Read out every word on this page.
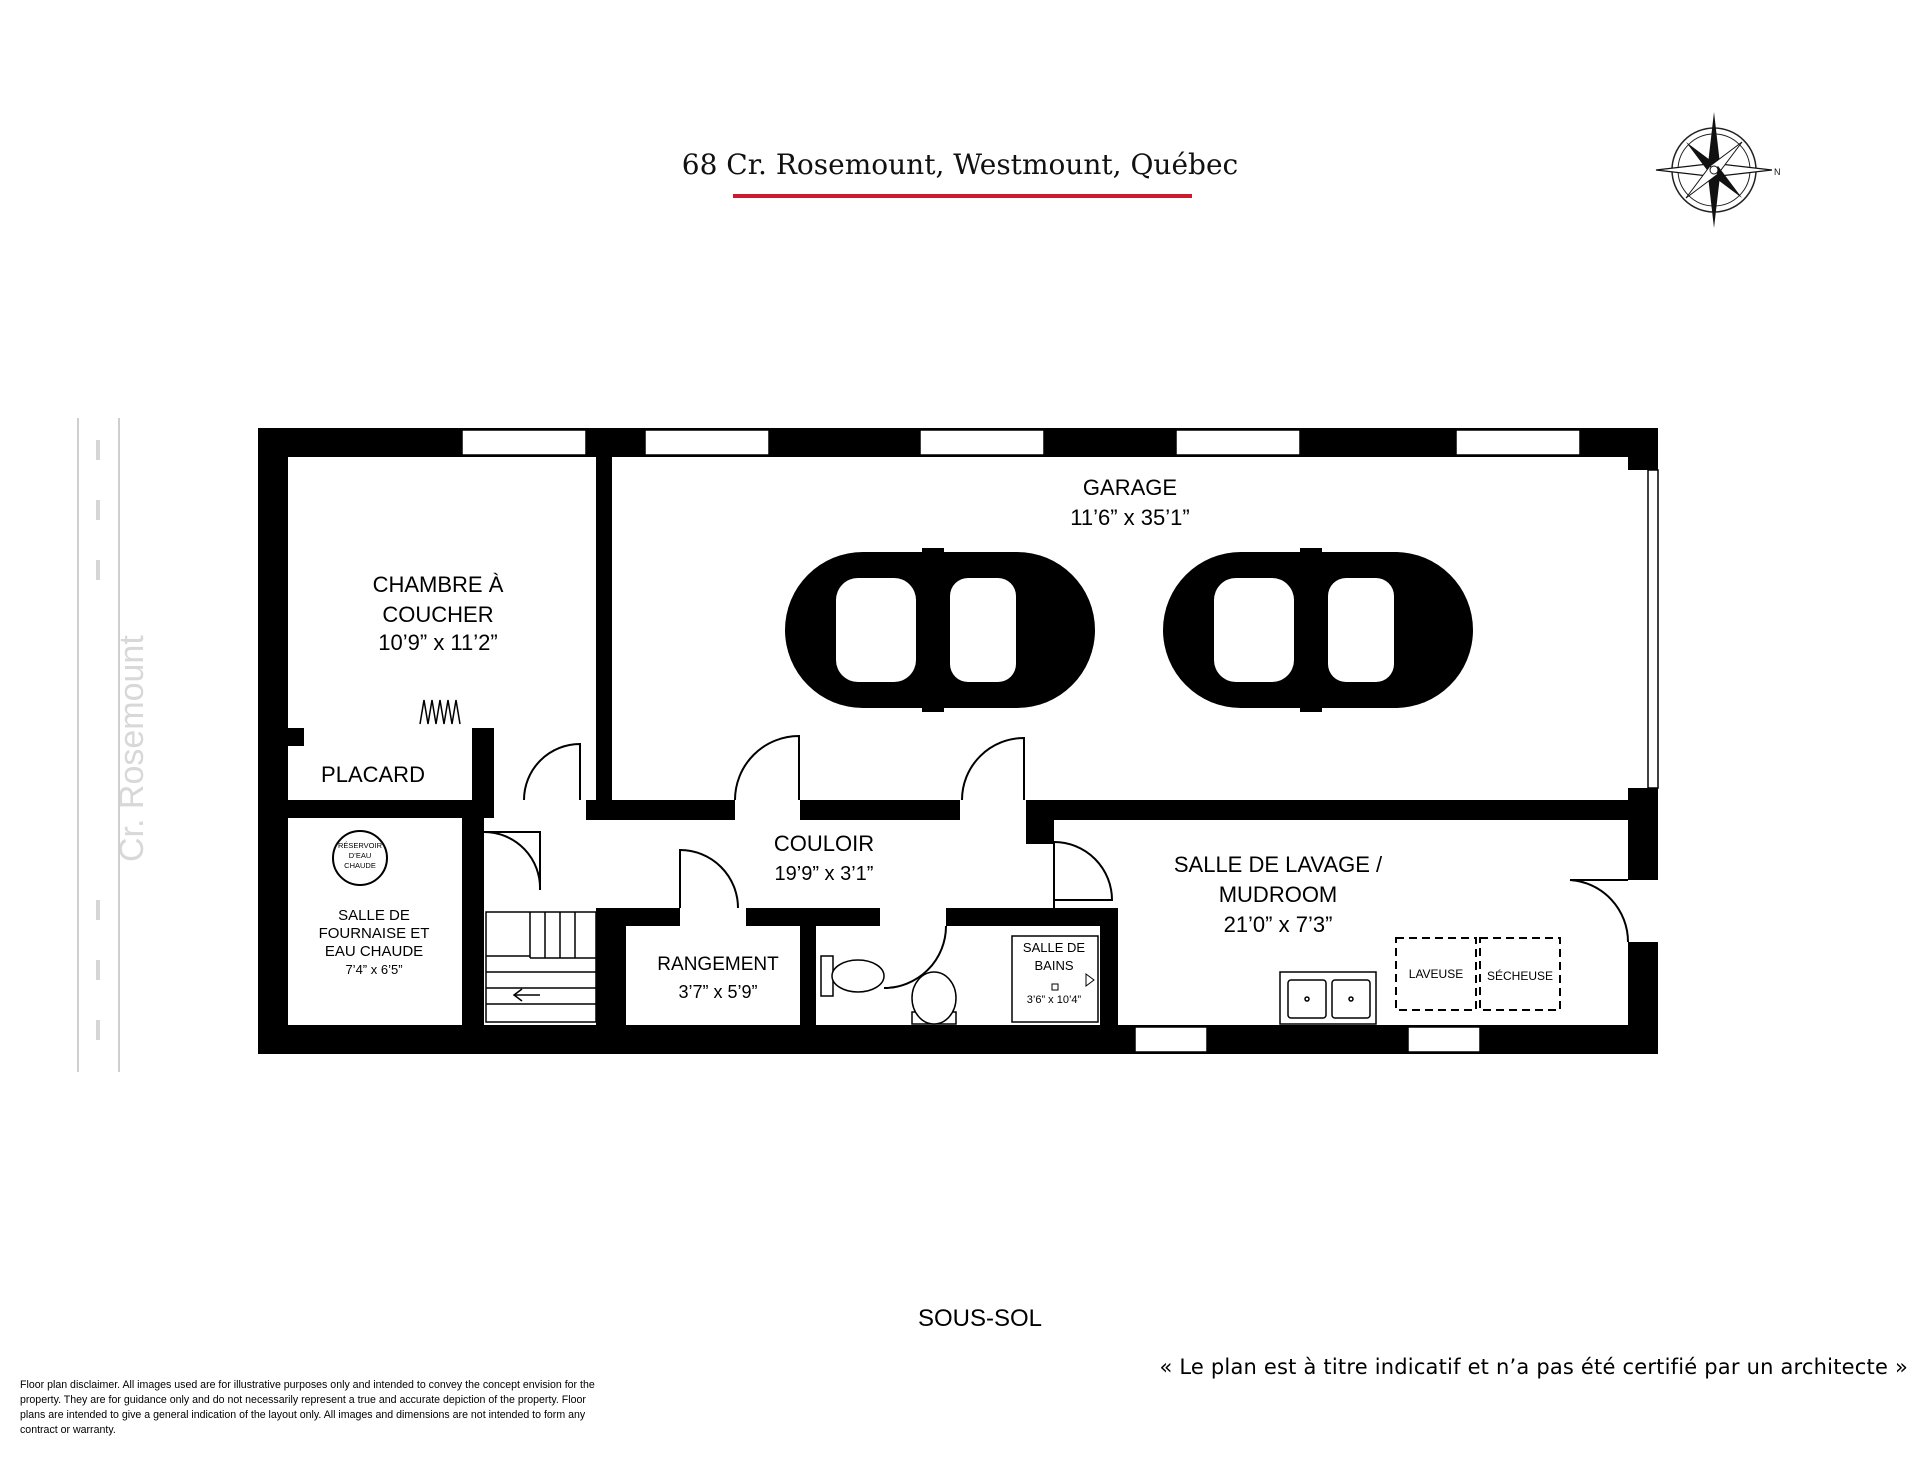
68 Cr. Rosemount, Westmount, Québec
Cr. Rosemount
N
GARAGE
11’6” x 35’1”
CHAMBRE À
COUCHER
10’9” x 11’2”
PLACARD
RÉSERVOIR
D’EAU
CHAUDE
SALLE DE
FOURNAISE ET
EAU CHAUDE
7’4” x 6’5”
COULOIR
19’9” x 3’1”
RANGEMENT
3’7” x 5’9”
SALLE DE
BAINS
3’6” x 10’4”
SALLE DE LAVAGE /
MUDROOM
21’0” x 7’3”
LAVEUSE SÉCHEUSE
SOUS-SOL
« Le plan est à titre indicatif et n’a pas été certifié par un architecte »
Floor plan disclaimer. All images used are for illustrative purposes only and intended to convey the concept envision for the property. They are for guidance only and do not necessarily represent a true and accurate depiction of the property. Floor plans are intended to give a general indication of the layout only. All images and dimensions are not intended to form any contract or warranty.
